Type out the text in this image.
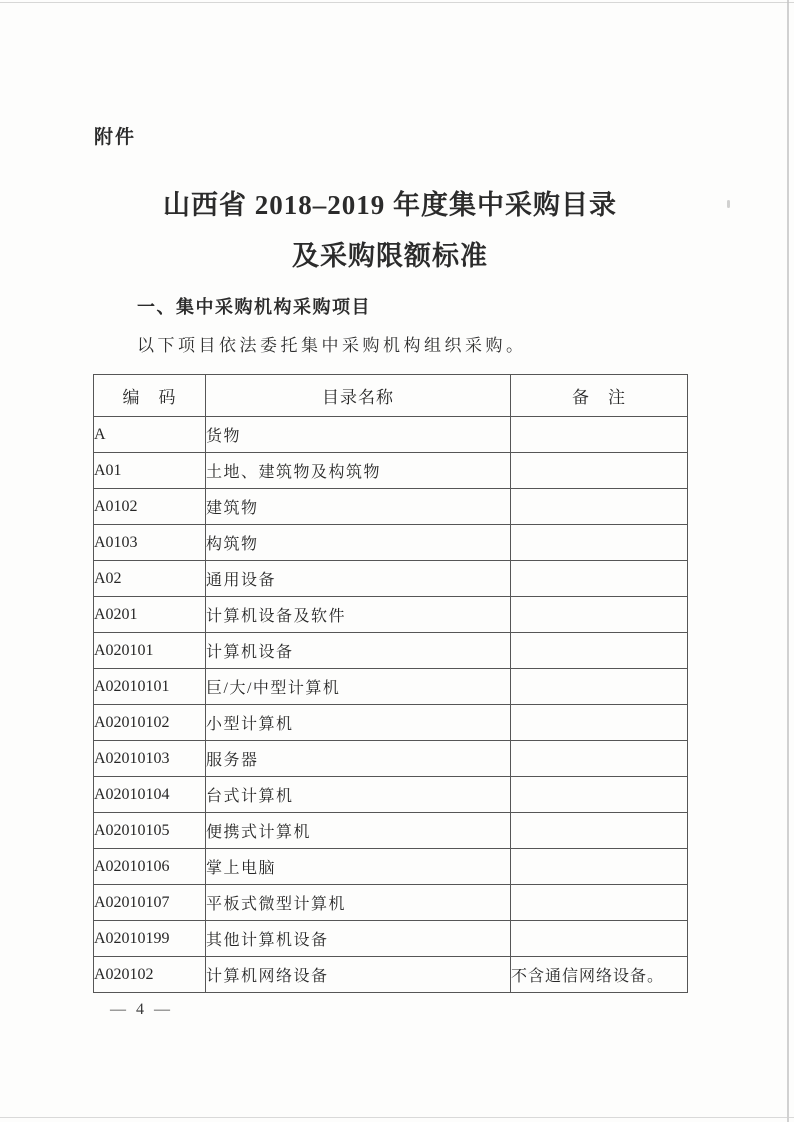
附件
山西省 2018–2019 年度集中采购目录
及采购限额标准
一、集中采购机构采购项目
以下项目依法委托集中采购机构组织采购。
编　码	目录名称	备　注
A	货物	
A01	土地、建筑物及构筑物	
A0102	建筑物	
A0103	构筑物	
A02	通用设备	
A0201	计算机设备及软件	
A020101	计算机设备	
A02010101	巨/大/中型计算机	
A02010102	小型计算机	
A02010103	服务器	
A02010104	台式计算机	
A02010105	便携式计算机	
A02010106	掌上电脑	
A02010107	平板式微型计算机	
A02010199	其他计算机设备	
A020102	计算机网络设备	不含通信网络设备。
— 4 —
